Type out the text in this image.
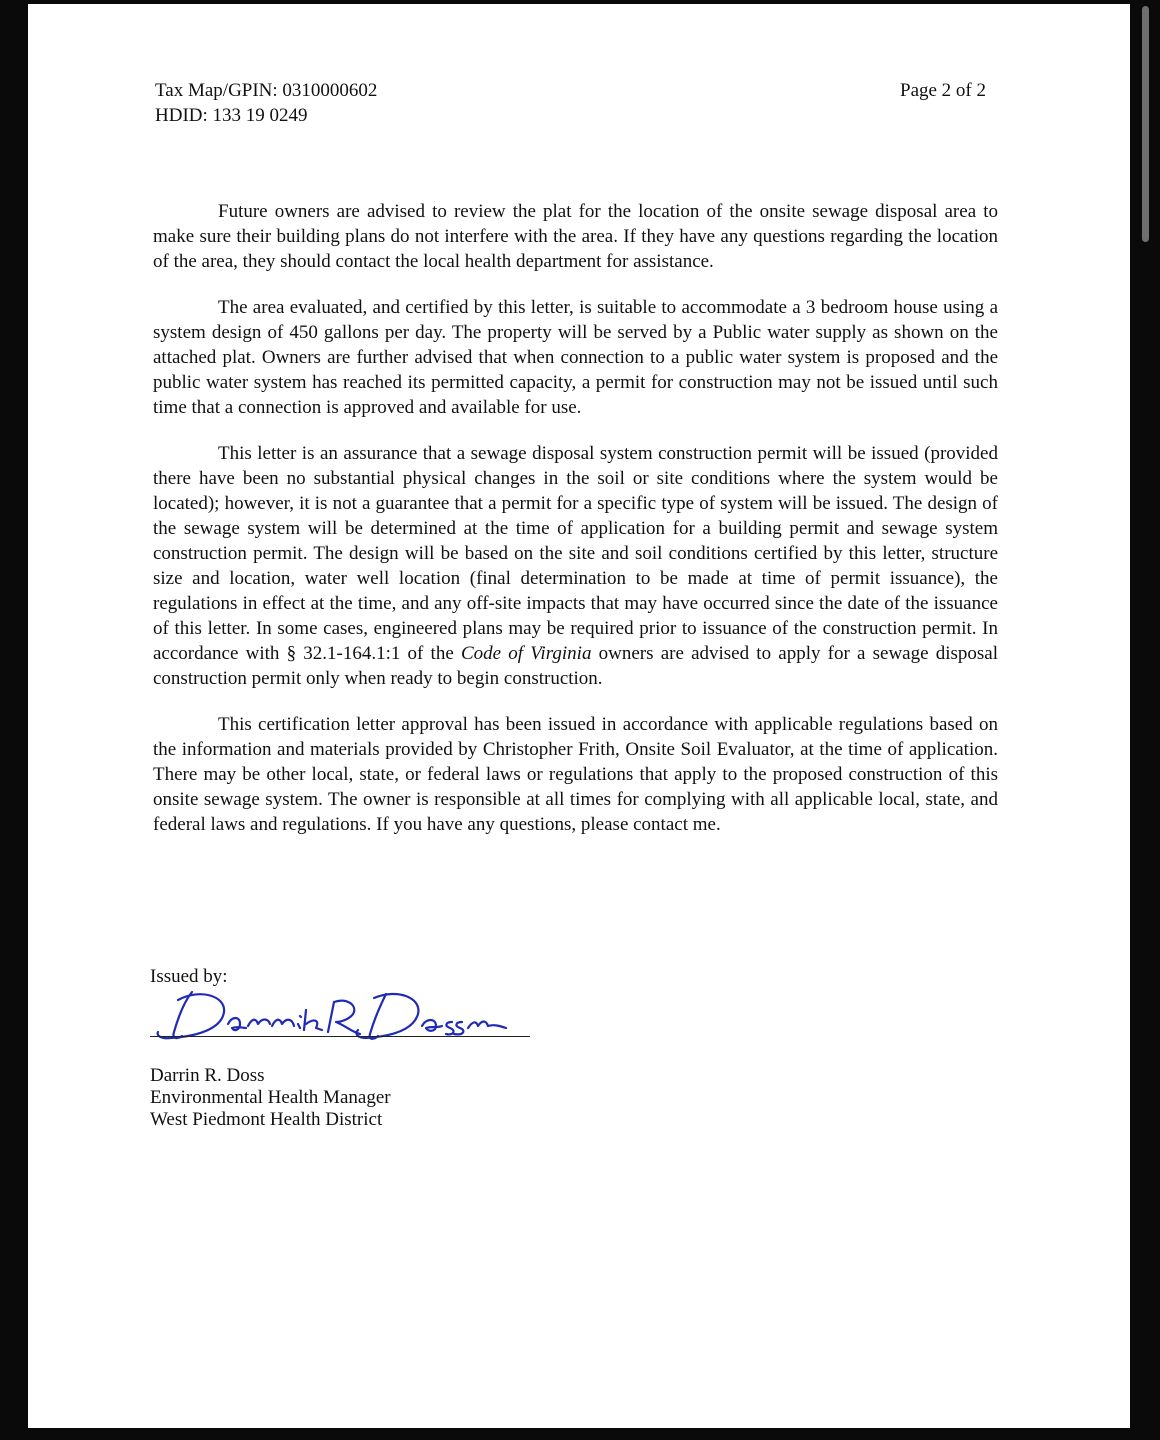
Tax Map/GPIN: 0310000602
HDID: 133 19 0249
Page 2 of 2

Future owners are advised to review the plat for the location of the onsite sewage disposal area to make sure their building plans do not interfere with the area. If they have any questions regarding the location of the area, they should contact the local health department for assistance.

The area evaluated, and certified by this letter, is suitable to accommodate a 3 bedroom house using a system design of 450 gallons per day. The property will be served by a Public water supply as shown on the attached plat. Owners are further advised that when connection to a public water system is proposed and the public water system has reached its permitted capacity, a permit for construction may not be issued until such time that a connection is approved and available for use.

This letter is an assurance that a sewage disposal system construction permit will be issued (provided there have been no substantial physical changes in the soil or site conditions where the system would be located); however, it is not a guarantee that a permit for a specific type of system will be issued. The design of the sewage system will be determined at the time of application for a building permit and sewage system construction permit. The design will be based on the site and soil conditions certified by this letter, structure size and location, water well location (final determination to be made at time of permit issuance), the regulations in effect at the time, and any off-site impacts that may have occurred since the date of the issuance of this letter. In some cases, engineered plans may be required prior to issuance of the construction permit. In accordance with § 32.1-164.1:1 of the Code of Virginia owners are advised to apply for a sewage disposal construction permit only when ready to begin construction.

This certification letter approval has been issued in accordance with applicable regulations based on the information and materials provided by Christopher Frith, Onsite Soil Evaluator, at the time of application. There may be other local, state, or federal laws or regulations that apply to the proposed construction of this onsite sewage system. The owner is responsible at all times for complying with all applicable local, state, and federal laws and regulations. If you have any questions, please contact me.

Issued by:
Darrin R. Doss
Environmental Health Manager
West Piedmont Health District
